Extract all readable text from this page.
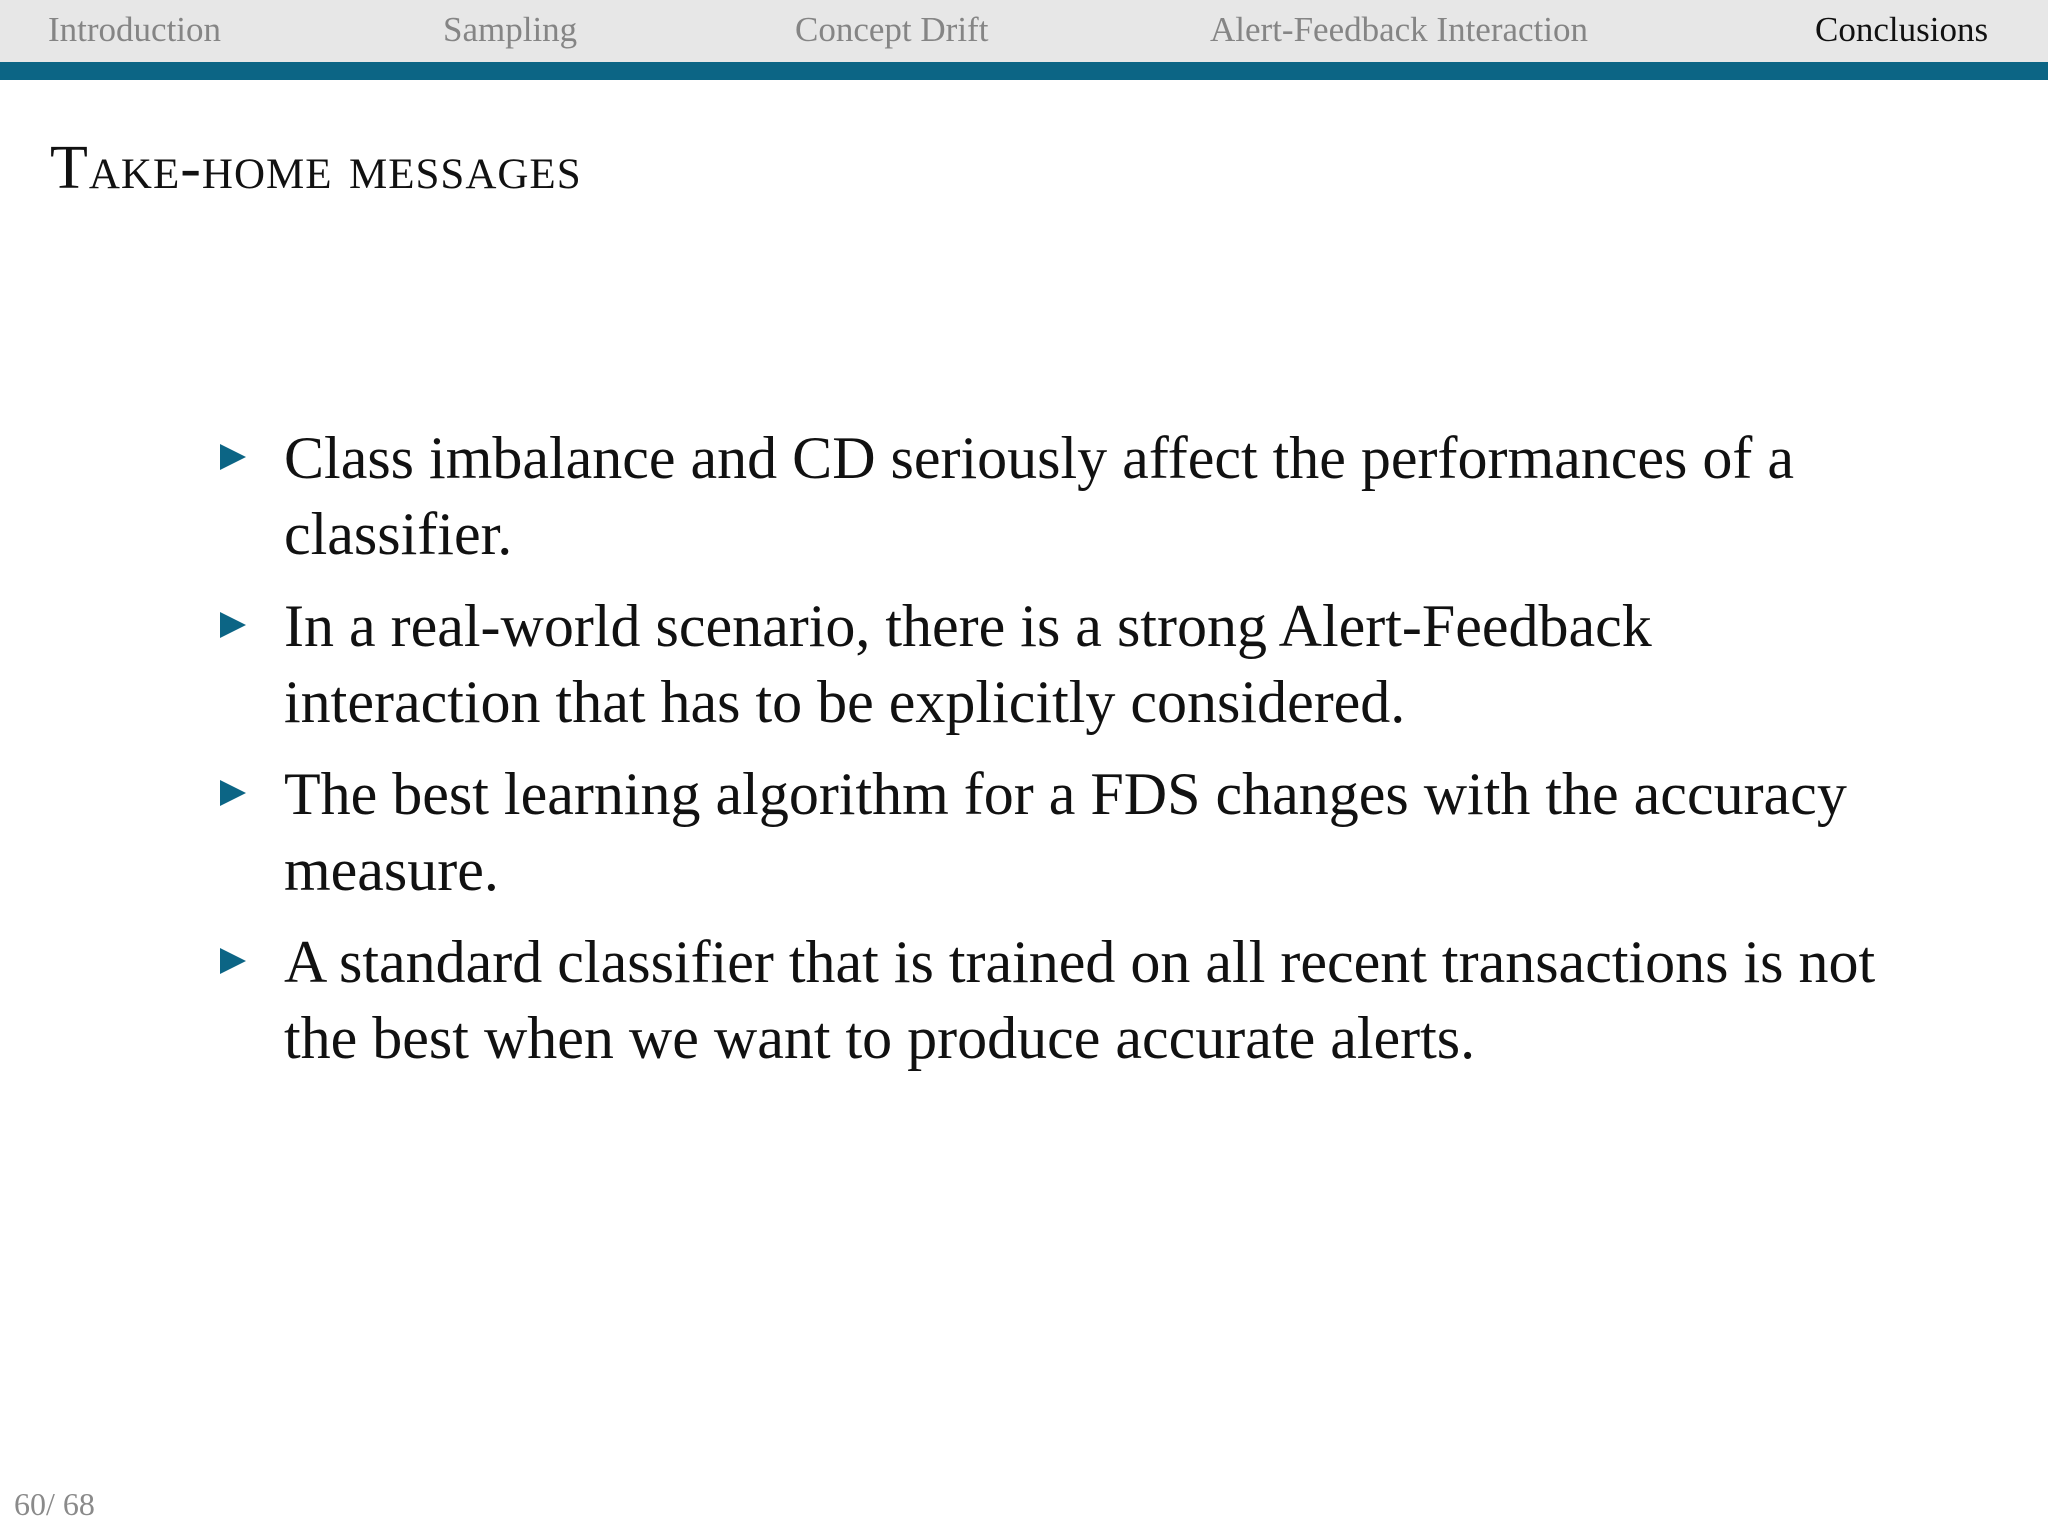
Introduction	Sampling	Concept Drift	Alert-Feedback Interaction	Conclusions
Take-home messages
Class imbalance and CD seriously affect the performances of a classifier.
In a real-world scenario, there is a strong Alert-Feedback interaction that has to be explicitly considered.
The best learning algorithm for a FDS changes with the accuracy measure.
A standard classifier that is trained on all recent transactions is not the best when we want to produce accurate alerts.
60/ 68
